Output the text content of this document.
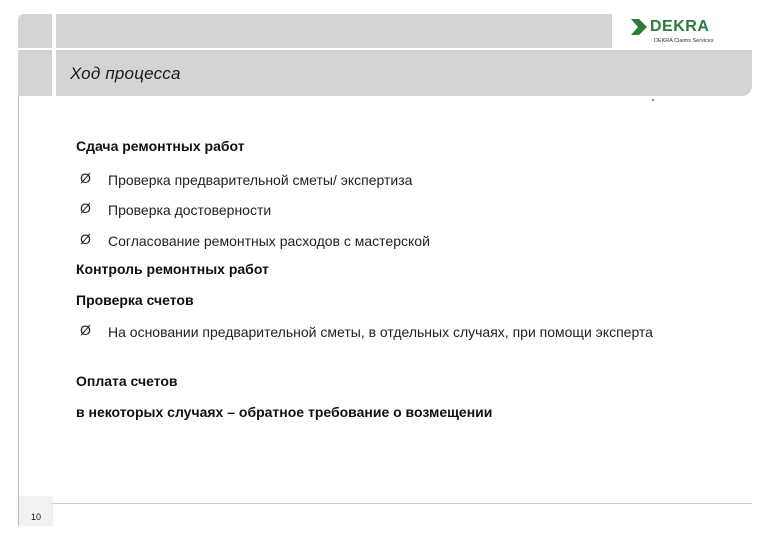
Ход процесса
DEKRA
DEKRA Claims Services
Сдача ремонтных работ
Ø Проверка предварительной сметы/ экспертиза
Ø Проверка достоверности
Ø Согласование ремонтных расходов с мастерской
Контроль ремонтных работ
Проверка счетов
Ø На основании предварительной сметы, в отдельных случаях, при помощи эксперта
Оплата счетов
в некоторых случаях – обратное требование о возмещении
10
